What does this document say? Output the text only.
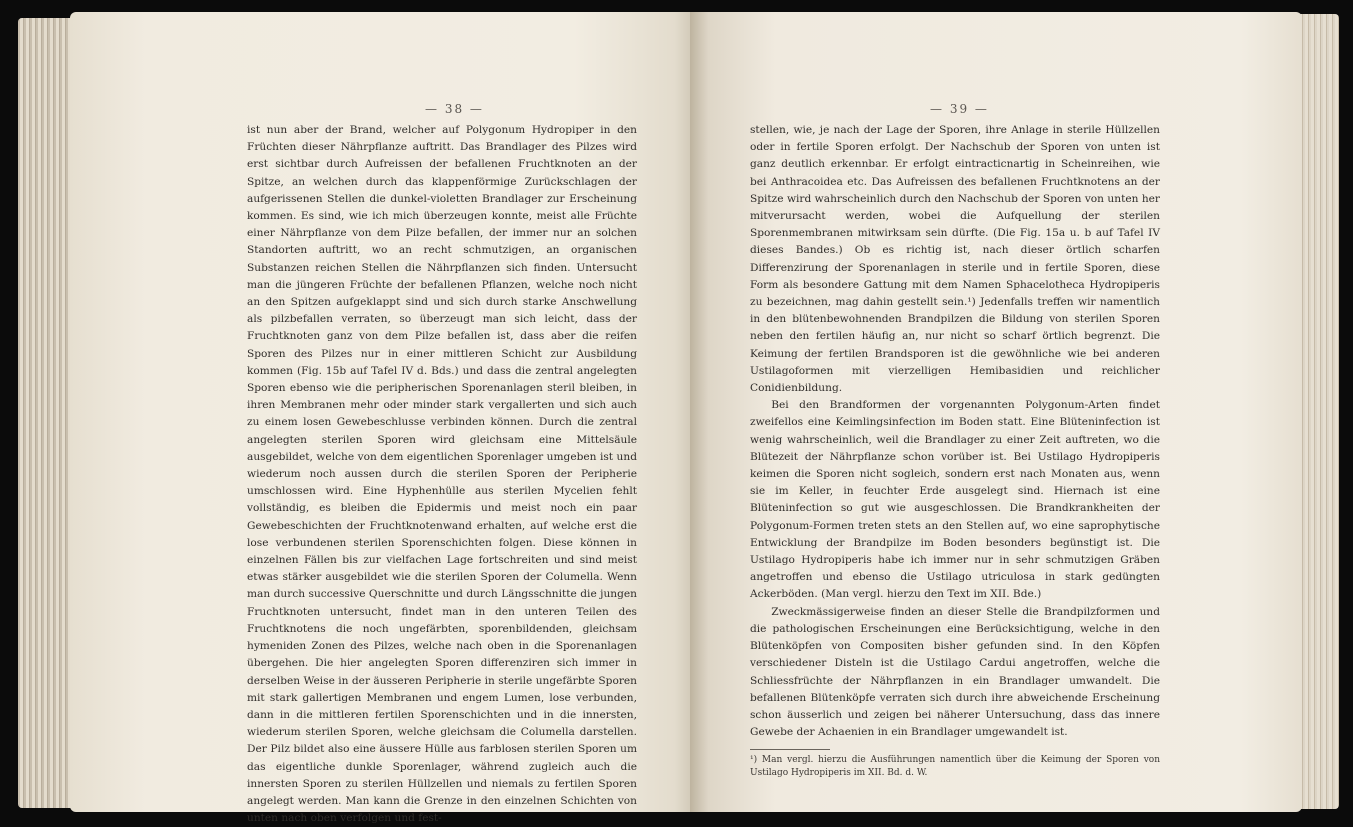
— 38 —

ist nun aber der Brand, welcher auf Polygonum Hydropiper in den Früchten dieser Nährpflanze auftritt. Das Brandlager des Pilzes wird erst sichtbar durch Aufreissen der befallenen Fruchtknoten an der Spitze, an welchen durch das klappenförmige Zurückschlagen der aufgerissenen Stellen die dunkel-violetten Brandlager zur Erscheinung kommen. Es sind, wie ich mich überzeugen konnte, meist alle Früchte einer Nährpflanze von dem Pilze befallen, der immer nur an solchen Standorten auftritt, wo an recht schmutzigen, an organischen Substanzen reichen Stellen die Nährpflanzen sich finden. Untersucht man die jüngeren Früchte der befallenen Pflanzen, welche noch nicht an den Spitzen aufgeklappt sind und sich durch starke Anschwellung als pilzbefallen verraten, so überzeugt man sich leicht, dass der Fruchtknoten ganz von dem Pilze befallen ist, dass aber die reifen Sporen des Pilzes nur in einer mittleren Schicht zur Ausbildung kommen (Fig. 15b auf Tafel IV d. Bds.) und dass die zentral angelegten Sporen ebenso wie die peripherischen Sporenanlagen steril bleiben, in ihren Membranen mehr oder minder stark vergallerten und sich auch zu einem losen Gewebeschlusse verbinden können. Durch die zentral angelegten sterilen Sporen wird gleichsam eine Mittelsäule ausgebildet, welche von dem eigentlichen Sporenlager umgeben ist und wiederum noch aussen durch die sterilen Sporen der Peripherie umschlossen wird. Eine Hyphenhülle aus sterilen Mycelien fehlt vollständig, es bleiben die Epidermis und meist noch ein paar Gewebeschichten der Fruchtknotenwand erhalten, auf welche erst die lose verbundenen sterilen Sporenschichten folgen. Diese können in einzelnen Fällen bis zur vielfachen Lage fortschreiten und sind meist etwas stärker ausgebildet wie die sterilen Sporen der Columella. Wenn man durch successive Querschnitte und durch Längsschnitte die jungen Fruchtknoten untersucht, findet man in den unteren Teilen des Fruchtknotens die noch ungefärbten, sporenbildenden, gleichsam hymeniden Zonen des Pilzes, welche nach oben in die Sporenanlagen übergehen. Die hier angelegten Sporen differenziren sich immer in derselben Weise in der äusseren Peripherie in sterile ungefärbte Sporen mit stark gallertigen Membranen und engem Lumen, lose verbunden, dann in die mittleren fertilen Sporenschichten und in die innersten, wiederum sterilen Sporen, welche gleichsam die Columella darstellen. Der Pilz bildet also eine äussere Hülle aus farblosen sterilen Sporen um das eigentliche dunkle Sporenlager, während zugleich auch die innersten Sporen zu sterilen Hüllzellen und niemals zu fertilen Sporen angelegt werden. Man kann die Grenze in den einzelnen Schichten von unten nach oben verfolgen und fest-

— 39 —

stellen, wie, je nach der Lage der Sporen, ihre Anlage in sterile Hüllzellen oder in fertile Sporen erfolgt. Der Nachschub der Sporen von unten ist ganz deutlich erkennbar. Er erfolgt eintracticnartig in Scheinreihen, wie bei Anthracoidea etc. Das Aufreissen des befallenen Fruchtknotens an der Spitze wird wahrscheinlich durch den Nachschub der Sporen von unten her mitverursacht werden, wobei die Aufquellung der sterilen Sporenmembranen mitwirksam sein dürfte. (Die Fig. 15a u. b auf Tafel IV dieses Bandes.) Ob es richtig ist, nach dieser örtlich scharfen Differenzirung der Sporenanlagen in sterile und in fertile Sporen, diese Form als besondere Gattung mit dem Namen Sphacelotheca Hydropiperis zu bezeichnen, mag dahin gestellt sein.¹) Jedenfalls treffen wir namentlich in den blütenbewohnenden Brandpilzen die Bildung von sterilen Sporen neben den fertilen häufig an, nur nicht so scharf örtlich begrenzt. Die Keimung der fertilen Brandsporen ist die gewöhnliche wie bei anderen Ustilagoformen mit vierzelligen Hemibasidien und reichlicher Conidienbildung.

Bei den Brandformen der vorgenannten Polygonum-Arten findet zweifellos eine Keimlingsinfection im Boden statt. Eine Blüteninfection ist wenig wahrscheinlich, weil die Brandlager zu einer Zeit auftreten, wo die Blütezeit der Nährpflanze schon vorüber ist. Bei Ustilago Hydropiperis keimen die Sporen nicht sogleich, sondern erst nach Monaten aus, wenn sie im Keller, in feuchter Erde ausgelegt sind. Hiernach ist eine Blüteninfection so gut wie ausgeschlossen. Die Brandkrankheiten der Polygonum-Formen treten stets an den Stellen auf, wo eine saprophytische Entwicklung der Brandpilze im Boden besonders begünstigt ist. Die Ustilago Hydropiperis habe ich immer nur in sehr schmutzigen Gräben angetroffen und ebenso die Ustilago utriculosa in stark gedüngten Ackerböden. (Man vergl. hierzu den Text im XII. Bde.)

Zweckmässigerweise finden an dieser Stelle die Brandpilzformen und die pathologischen Erscheinungen eine Berücksichtigung, welche in den Blütenköpfen von Compositen bisher gefunden sind. In den Köpfen verschiedener Disteln ist die Ustilago Cardui angetroffen, welche die Schliessfrüchte der Nährpflanzen in ein Brandlager umwandelt. Die befallenen Blütenköpfe verraten sich durch ihre abweichende Erscheinung schon äusserlich und zeigen bei näherer Untersuchung, dass das innere Gewebe der Achaenien in ein Brandlager umgewandelt ist.

¹) Man vergl. hierzu die Ausführungen namentlich über die Keimung der Sporen von Ustilago Hydropiperis im XII. Bd. d. W.
